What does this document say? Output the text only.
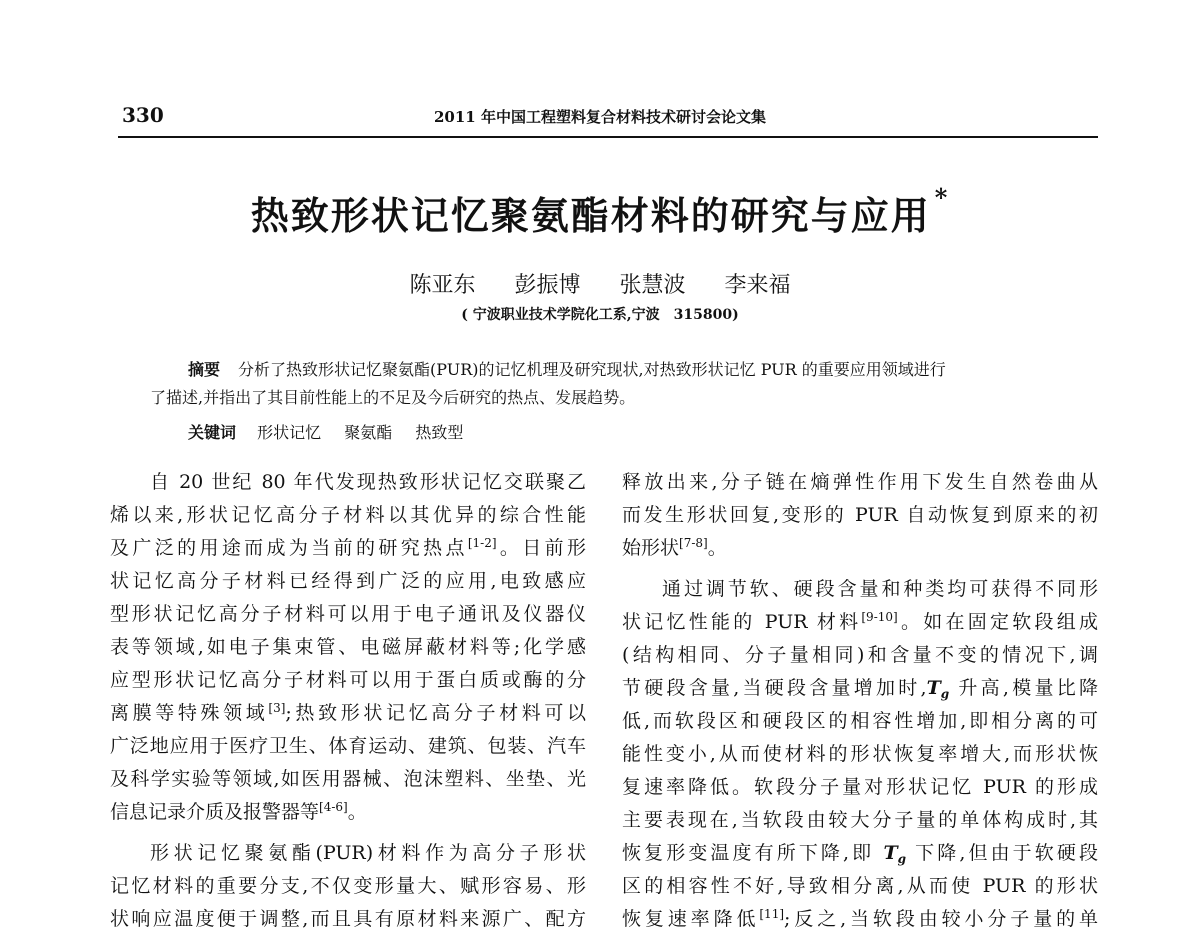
330	2011 年中国工程塑料复合材料技术研讨会论文集
热致形状记忆聚氨酯材料的研究与应用 *
陈亚东 彭振博 张慧波 李来福
( 宁波职业技术学院化工系,宁波　315800)
摘要 分析了热致形状记忆聚氨酯(PUR)的记忆机理及研究现状,对热致形状记忆 PUR 的重要应用领域进行
了描述,并指出了其目前性能上的不足及今后研究的热点、发展趋势。
关键词 形状记忆 聚氨酯 热致型
自 20 世纪 80 年代发现热致形状记忆交联聚乙
烯以来,形状记忆高分子材料以其优异的综合性能
及广泛的用途而成为当前的研究热点[1-2]。日前形
状记忆高分子材料已经得到广泛的应用,电致感应
型形状记忆高分子材料可以用于电子通讯及仪器仪
表等领域,如电子集束管、电磁屏蔽材料等;化学感
应型形状记忆高分子材料可以用于蛋白质或酶的分
离膜等特殊领域[3];热致形状记忆高分子材料可以
广泛地应用于医疗卫生、体育运动、建筑、包装、汽车
及科学实验等领域,如医用器械、泡沫塑料、坐垫、光
信息记录介质及报警器等[4-6]。
形状记忆聚氨酯(PUR)材料作为高分子形状
记忆材料的重要分支,不仅变形量大、赋形容易、形
状响应温度便于调整,而且具有原材料来源广、配方
释放出来,分子链在熵弹性作用下发生自然卷曲从
而发生形状回复,变形的 PUR 自动恢复到原来的初
始形状[7-8]。
通过调节软、硬段含量和种类均可获得不同形
状记忆性能的 PUR 材料[9-10]。如在固定软段组成
(结构相同、分子量相同)和含量不变的情况下,调
节硬段含量,当硬段含量增加时$,T_g$ 升高,模量比降
低,而软段区和硬段区的相容性增加,即相分离的可
能性变小,从而使材料的形状恢复率增大,而形状恢
复速率降低。软段分子量对形状记忆 PUR 的形成
主要表现在,当软段由较大分子量的单体构成时,其
恢复形变温度有所下降,即 $T_g$ 下降,但由于软硬段
区的相容性不好,导致相分离,从而使 PUR 的形状
恢复速率降低[11];反之,当软段由较小分子量的单
